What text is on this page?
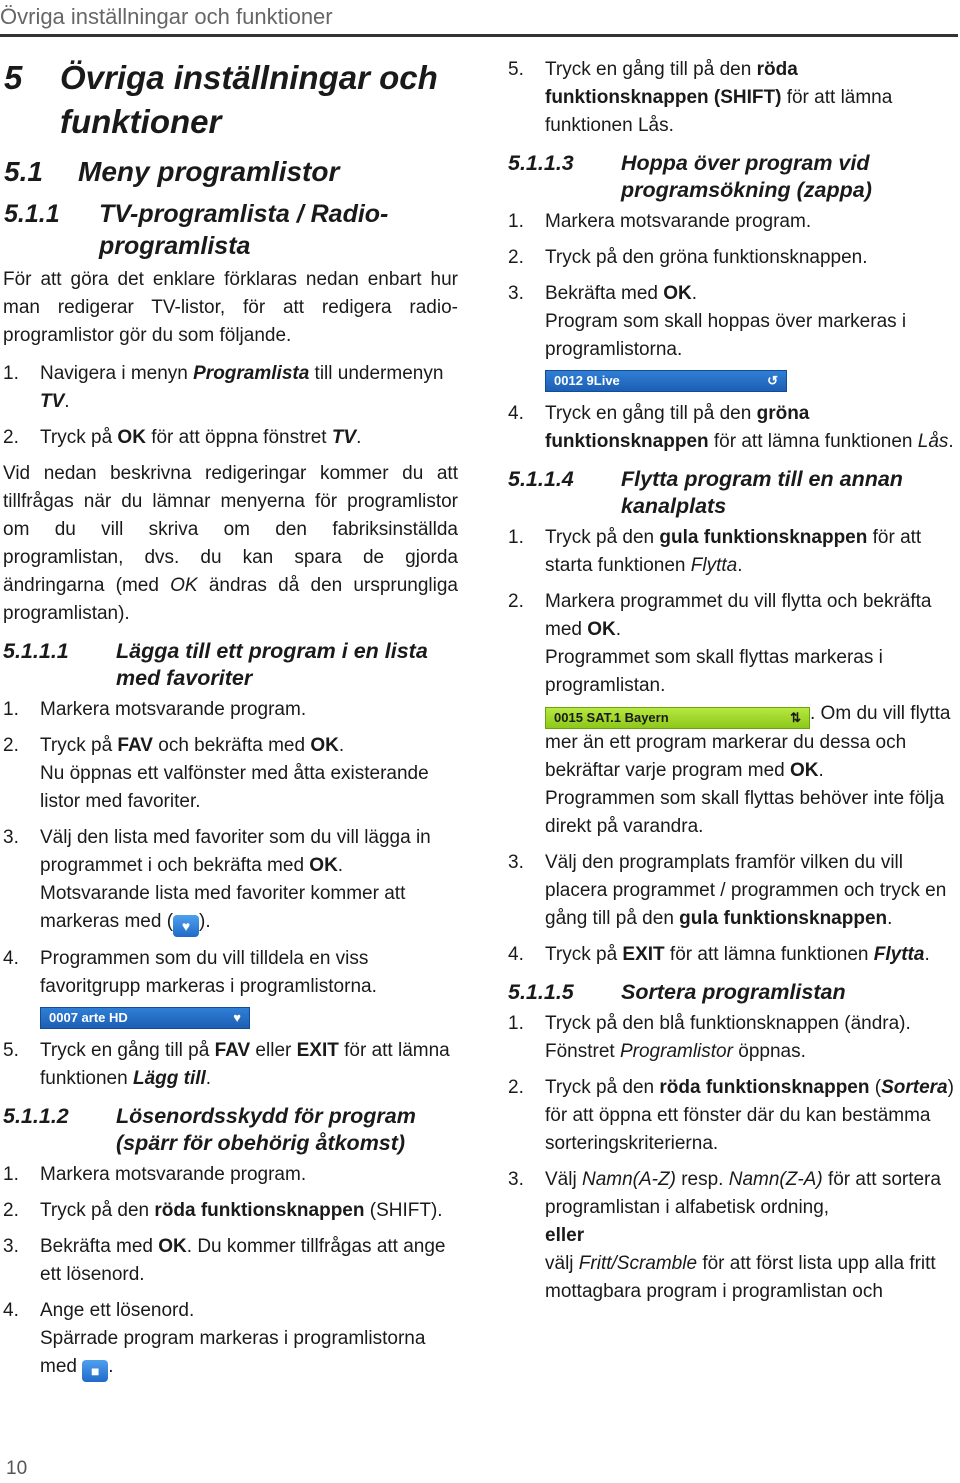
Övriga inställningar och funktioner
5 Övriga inställningar och funktioner
5.1 Meny programlistor
5.1.1 TV-programlista / Radio-programlista
För att göra det enklare förklaras nedan enbart hur man redigerar TV-listor, för att redigera radio-programlistor gör du som följande.
1. Navigera i menyn Programlista till undermenyn TV.
2. Tryck på OK för att öppna fönstret TV.
Vid nedan beskrivna redigeringar kommer du att tillfrågas när du lämnar menyerna för programlistor om du vill skriva om den fabriksinställda programlistan, dvs. du kan spara de gjorda ändringarna (med OK ändras då den ursprungliga programlistan).
5.1.1.1 Lägga till ett program i en lista med favoriter
1. Markera motsvarande program.
2. Tryck på FAV och bekräfta med OK.
Nu öppnas ett valfönster med åtta existerande listor med favoriter.
3. Välj den lista med favoriter som du vill lägga in programmet i och bekräfta med OK.
Motsvarande lista med favoriter kommer att markeras med ( ♥ ).
4. Programmen som du vill tilldela en viss favoritgrupp markeras i programlistorna.
0007 arte HD	♥
5. Tryck en gång till på FAV eller EXIT för att lämna funktionen Lägg till.
5.1.1.2 Lösenordsskydd för program (spärr för obehörig åtkomst)
1. Markera motsvarande program.
2. Tryck på den röda funktionsknappen (SHIFT).
3. Bekräfta med OK. Du kommer tillfrågas att ange ett lösenord.
4. Ange ett lösenord.
Spärrade program markeras i programlistorna med ■ .
5. Tryck en gång till på den röda funktionsknappen (SHIFT) för att lämna funktionen Lås.
5.1.1.3 Hoppa över program vid programsökning (zappa)
1. Markera motsvarande program.
2. Tryck på den gröna funktionsknappen.
3. Bekräfta med OK.
Program som skall hoppas över markeras i programlistorna.
0012 9Live	↺
4. Tryck en gång till på den gröna funktionsknappen för att lämna funktionen Lås.
5.1.1.4 Flytta program till en annan kanalplats
1. Tryck på den gula funktionsknappen för att starta funktionen Flytta.
2. Markera programmet du vill flytta och bekräfta med OK.
Programmet som skall flyttas markeras i programlistan.
0015 SAT.1 Bayern	⇅ . Om du vill flytta mer än ett program markerar du dessa och bekräftar varje program med OK.
Programmen som skall flyttas behöver inte följa direkt på varandra.
3. Välj den programplats framför vilken du vill placera programmet / programmen och tryck en gång till på den gula funktionsknappen.
4. Tryck på EXIT för att lämna funktionen Flytta.
5.1.1.5 Sortera programlistan
1. Tryck på den blå funktionsknappen (ändra).
Fönstret Programlistor öppnas.
2. Tryck på den röda funktionsknappen (Sortera) för att öppna ett fönster där du kan bestämma sorteringskriterierna.
3. Välj Namn(A-Z) resp. Namn(Z-A) för att sortera programlistan i alfabetisk ordning,
eller
välj Fritt/Scramble för att först lista upp alla fritt mottagbara program i programlistan och
10
